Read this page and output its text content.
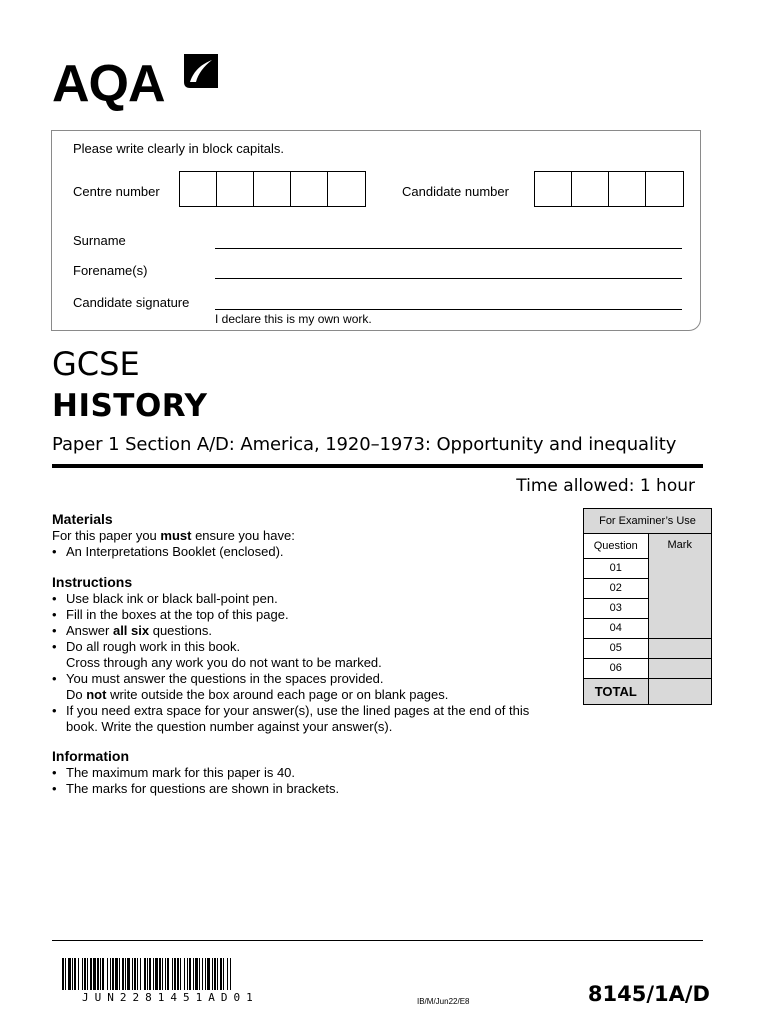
AQA
Please write clearly in block capitals.
Centre number	Candidate number
Surname
Forename(s)
Candidate signature
I declare this is my own work.
GCSE
HISTORY
Paper 1 Section A/D: America, 1920–1973: Opportunity and inequality
Time allowed: 1 hour
Materials
For this paper you must ensure you have:
• An Interpretations Booklet (enclosed).
Instructions
• Use black ink or black ball-point pen.
• Fill in the boxes at the top of this page.
• Answer all six questions.
• Do all rough work in this book.
Cross through any work you do not want to be marked.
• You must answer the questions in the spaces provided.
Do not write outside the box around each page or on blank pages.
• If you need extra space for your answer(s), use the lined pages at the end of this book. Write the question number against your answer(s).
Information
• The maximum mark for this paper is 40.
• The marks for questions are shown in brackets.
For Examiner’s Use
Question	Mark
01	
02	
03	
04	
05	
06	
TOTAL	
JUN2281451AD01	IB/M/Jun22/E8	8145/1A/D
